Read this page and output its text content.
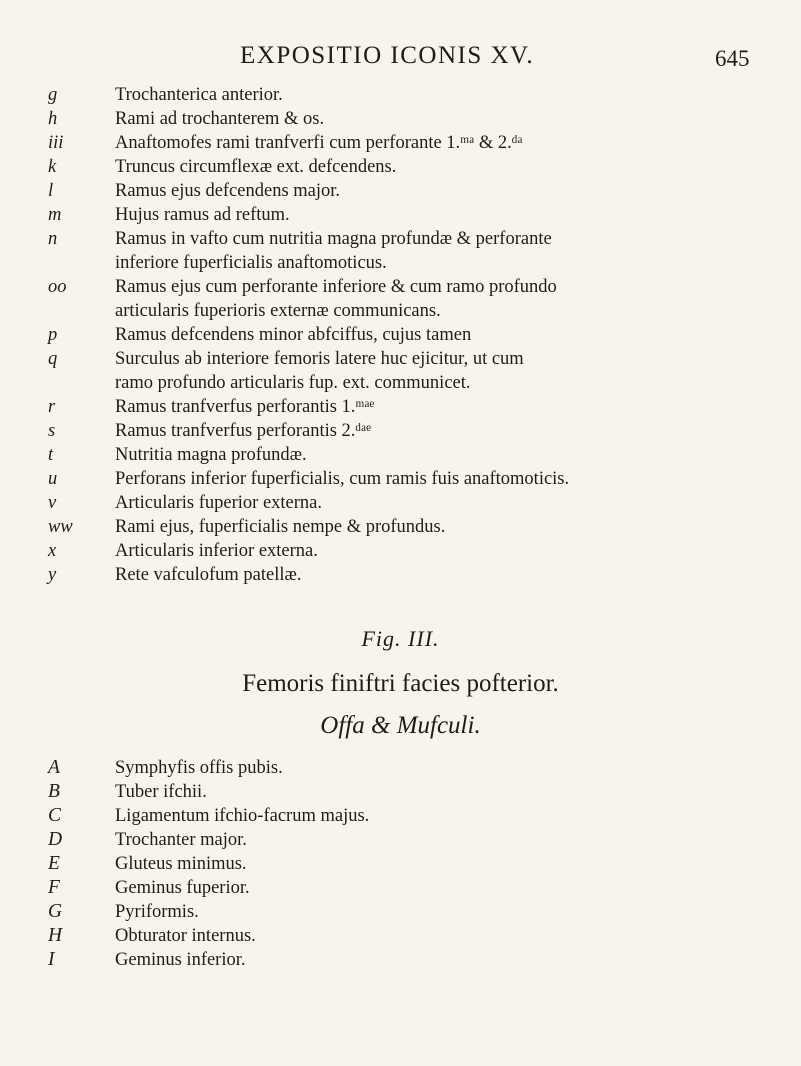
EXPOSITIO ICONIS XV.	645
g	Trochanterica anterior.
h	Rami ad trochanterem & os.
iii	Anaftomofes rami tranfverfi cum perforante 1.ᵐᵃ & 2.ᵈᵃ
k	Truncus circumflexæ ext. defcendens.
l	Ramus ejus defcendens major.
m	Hujus ramus ad reftum.
n	Ramus in vafto cum nutritia magna profundæ & perforante
inferiore fuperficialis anaftomoticus.
oo	Ramus ejus cum perforante inferiore & cum ramo profundo
articularis fuperioris externæ communicans.
p	Ramus defcendens minor abfciffus, cujus tamen
q	Surculus ab interiore femoris latere huc ejicitur, ut cum
ramo profundo articularis fup. ext. communicet.
r	Ramus tranfverfus perforantis 1.ᵐᵃᵉ
s	Ramus tranfverfus perforantis 2.ᵈᵃᵉ
t	Nutritia magna profundæ.
u	Perforans inferior fuperficialis, cum ramis fuis anaftomoticis.
v	Articularis fuperior externa.
ww	Rami ejus, fuperficialis nempe & profundus.
x	Articularis inferior externa.
y	Rete vafculofum patellæ.
Fig. III.
Femoris finiftri facies pofterior.
Offa & Mufculi.
A	Symphyfis offis pubis.
B	Tuber ifchii.
C	Ligamentum ifchio-facrum majus.
D	Trochanter major.
E	Gluteus minimus.
F	Geminus fuperior.
G	Pyriformis.
H	Obturator internus.
I	Geminus inferior.
